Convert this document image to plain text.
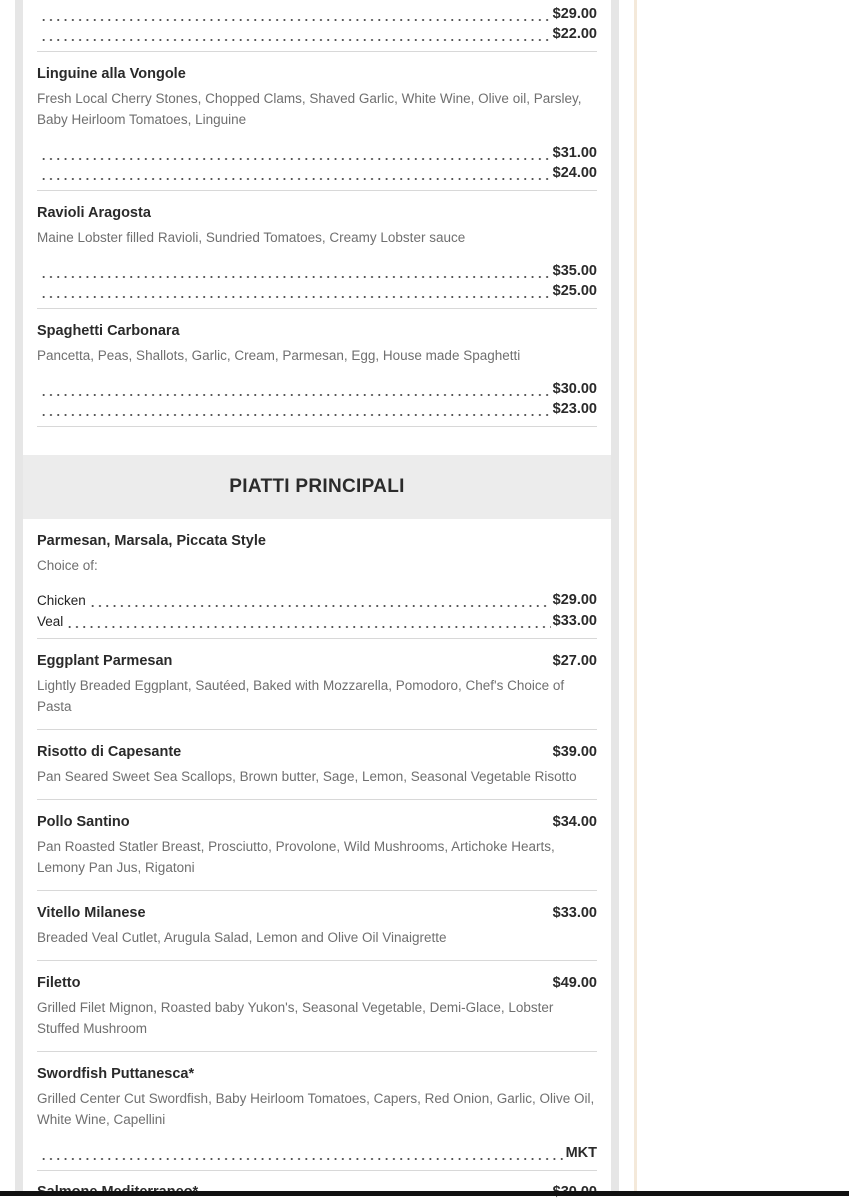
$29.00
$22.00
Linguine alla Vongole
Fresh Local Cherry Stones, Chopped Clams, Shaved Garlic, White Wine, Olive oil, Parsley, Baby Heirloom Tomatoes, Linguine
$31.00
$24.00
Ravioli Aragosta
Maine Lobster filled Ravioli, Sundried Tomatoes, Creamy Lobster sauce
$35.00
$25.00
Spaghetti Carbonara
Pancetta, Peas, Shallots, Garlic, Cream, Parmesan, Egg, House made Spaghetti
$30.00
$23.00
PIATTI PRINCIPALI
Parmesan, Marsala, Piccata Style
Choice of:
Chicken	$29.00
Veal	$33.00
Eggplant Parmesan	$27.00
Lightly Breaded Eggplant, Sautéed, Baked with Mozzarella, Pomodoro, Chef's Choice of Pasta
Risotto di Capesante	$39.00
Pan Seared Sweet Sea Scallops, Brown butter, Sage, Lemon, Seasonal Vegetable Risotto
Pollo Santino	$34.00
Pan Roasted Statler Breast, Prosciutto, Provolone, Wild Mushrooms, Artichoke Hearts, Lemony Pan Jus, Rigatoni
Vitello Milanese	$33.00
Breaded Veal Cutlet, Arugula Salad, Lemon and Olive Oil Vinaigrette
Filetto	$49.00
Grilled Filet Mignon, Roasted baby Yukon's, Seasonal Vegetable, Demi-Glace, Lobster Stuffed Mushroom
Swordfish Puttanesca*
Grilled Center Cut Swordfish, Baby Heirloom Tomatoes, Capers, Red Onion, Garlic, Olive Oil, White Wine, Capellini
MKT
